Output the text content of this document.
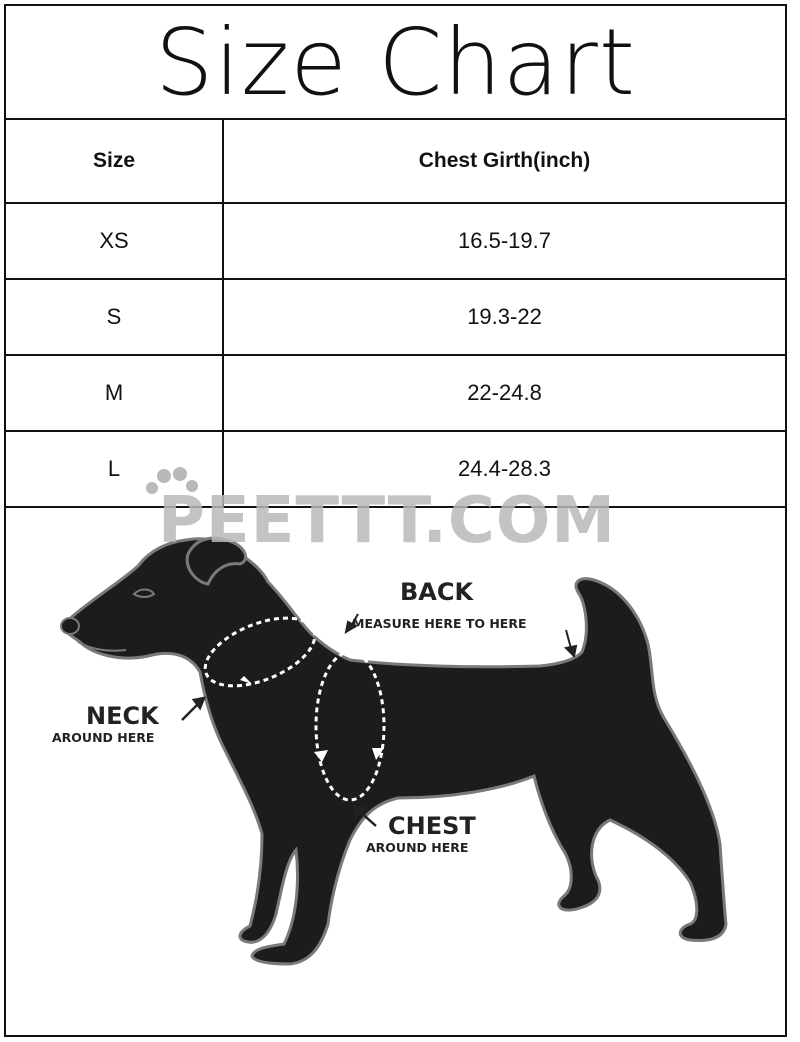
Size Chart
Size	Chest Girth(inch)
XS	16.5-19.7
S	19.3-22
M	22-24.8
L	24.4-28.3
PEETTT.COM
BACK
MEASURE HERE TO HERE
NECK
AROUND HERE
CHEST
AROUND HERE
